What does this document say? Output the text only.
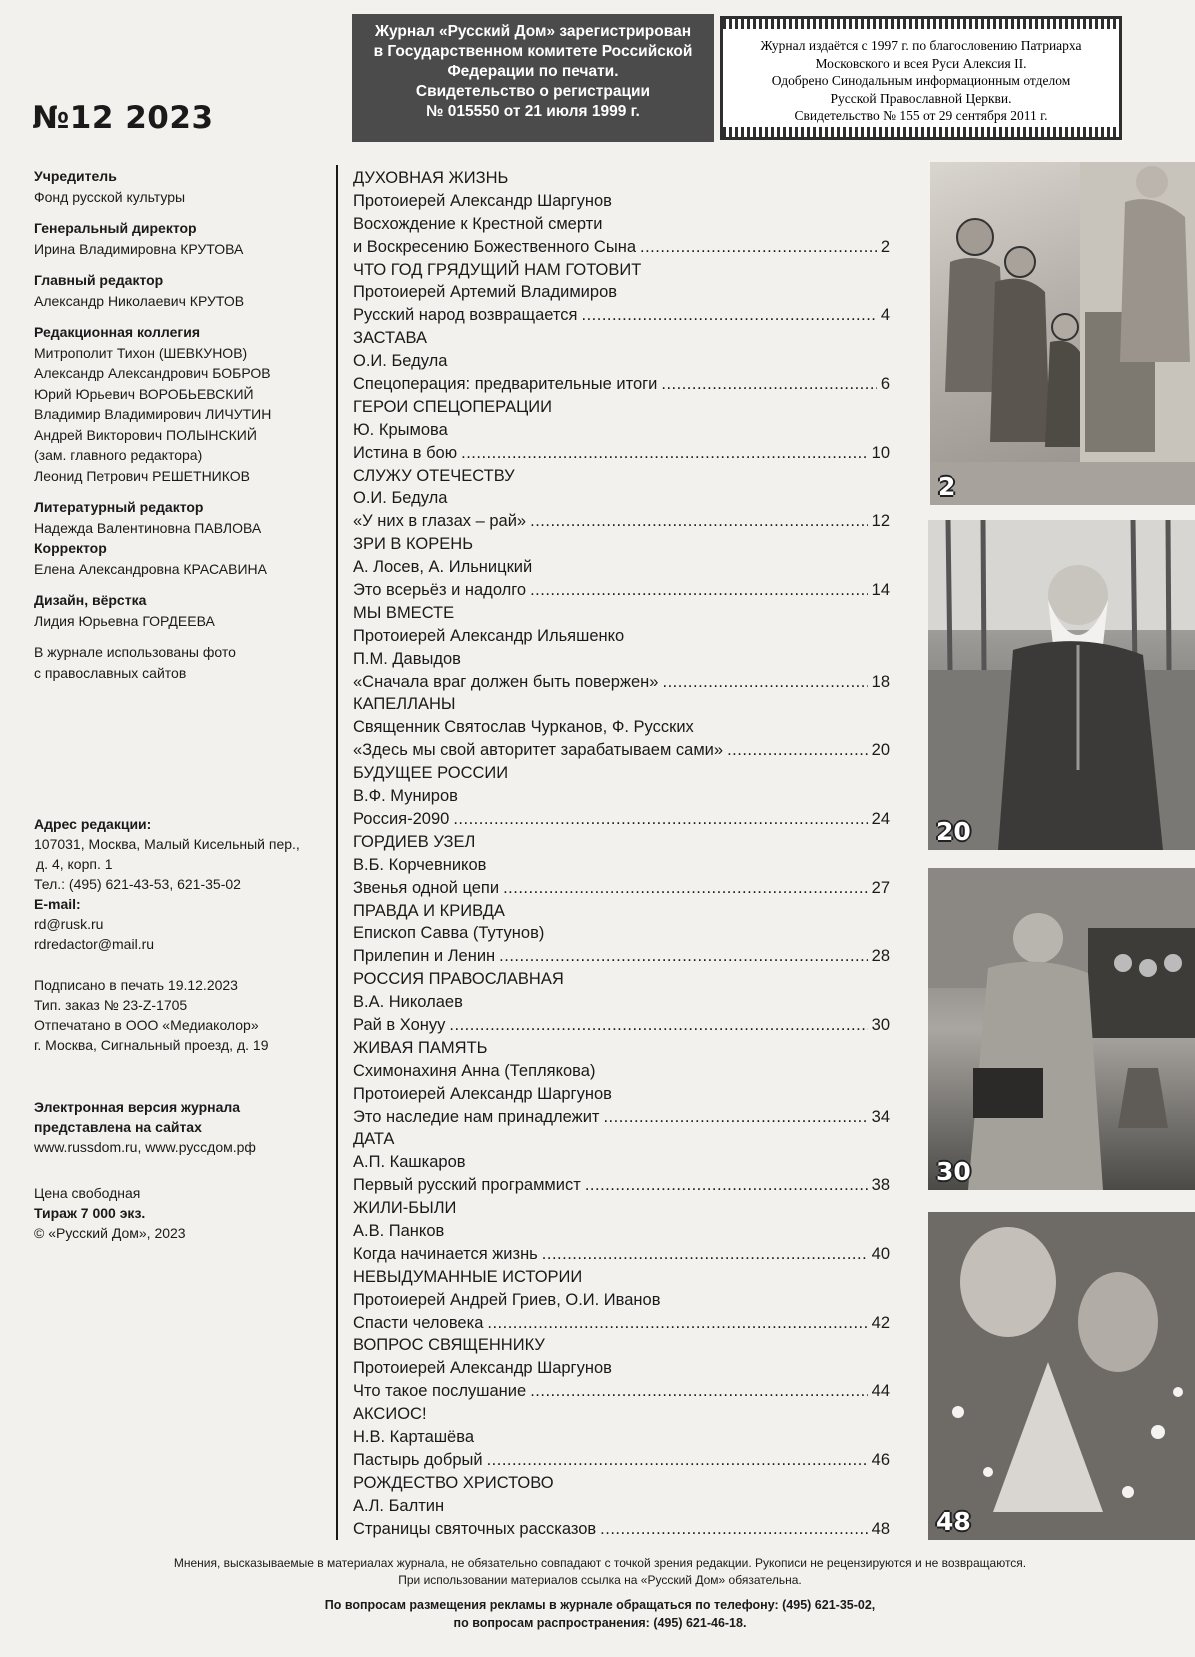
Журнал «Русский Дом» зарегистрирован
в Государственном комитете Российской
Федерации по печати.
Свидетельство о регистрации
№ 015550 от 21 июля 1999 г.
Журнал издаётся с 1997 г. по благословению Патриарха
Московского и всея Руси Алексия II.
Одобрено Синодальным информационным отделом
Русской Православной Церкви.
Свидетельство № 155 от 29 сентября 2011 г.
№12 2023
Учредитель
Фонд русской культуры
Генеральный директор
Ирина Владимировна КРУТОВА
Главный редактор
Александр Николаевич КРУТОВ
Редакционная коллегия
Митрополит Тихон (ШЕВКУНОВ)
Александр Александрович БОБРОВ
Юрий Юрьевич ВОРОБЬЕВСКИЙ
Владимир Владимирович ЛИЧУТИН
Андрей Викторович ПОЛЫНСКИЙ
(зам. главного редактора)
Леонид Петрович РЕШЕТНИКОВ
Литературный редактор
Надежда Валентиновна ПАВЛОВА
Корректор
Елена Александровна КРАСАВИНА
Дизайн, вёрстка
Лидия Юрьевна ГОРДЕЕВА
В журнале использованы фото
с православных сайтов
Адрес редакции:
107031, Москва, Малый Кисельный пер.,
д. 4, корп. 1
Тел.: (495) 621-43-53, 621-35-02
E-mail:
rd@rusk.ru
rdredactor@mail.ru
Подписано в печать 19.12.2023
Тип. заказ № 23-Z-1705
Отпечатано в ООО «Медиаколор»
г. Москва, Сигнальный проезд, д. 19
Электронная версия журнала
представлена на сайтах
www.russdom.ru, www.руссдом.рф
Цена свободная
Тираж 7 000 экз.
© «Русский Дом», 2023
ДУХОВНАЯ ЖИЗНЬ
Протоиерей Александр Шаргунов
Восхождение к Крестной смерти
и Воскресению Божественного Сына .....	2
ЧТО ГОД ГРЯДУЩИЙ НАМ ГОТОВИТ
Протоиерей Артемий Владимиров
Русский народ возвращается .....	4
ЗАСТАВА
О.И. Бедула
Спецоперация: предварительные итоги .....	6
ГЕРОИ СПЕЦОПЕРАЦИИ
Ю. Крымова
Истина в бою .....	10
СЛУЖУ ОТЕЧЕСТВУ
О.И. Бедула
«У них в глазах – рай» .....	12
ЗРИ В КОРЕНЬ
А. Лосев, А. Ильницкий
Это всерьёз и надолго .....	14
МЫ ВМЕСТЕ
Протоиерей Александр Ильяшенко
П.М. Давыдов
«Сначала враг должен быть повержен» .....	18
КАПЕЛЛАНЫ
Священник Святослав Чурканов, Ф. Русских
«Здесь мы свой авторитет зарабатываем сами» .....	20
БУДУЩЕЕ РОССИИ
В.Ф. Муниров
Россия-2090 .....	24
ГОРДИЕВ УЗЕЛ
В.Б. Корчевников
Звенья одной цепи .....	27
ПРАВДА И КРИВДА
Епископ Савва (Тутунов)
Прилепин и Ленин .....	28
РОССИЯ ПРАВОСЛАВНАЯ
В.А. Николаев
Рай в Хонуу .....	30
ЖИВАЯ ПАМЯТЬ
Схимонахиня Анна (Теплякова)
Протоиерей Александр Шаргунов
Это наследие нам принадлежит .....	34
ДАТА
А.П. Кашкаров
Первый русский программист .....	38
ЖИЛИ-БЫЛИ
А.В. Панков
Когда начинается жизнь .....	40
НЕВЫДУМАННЫЕ ИСТОРИИ
Протоиерей Андрей Гриев, О.И. Иванов
Спасти человека .....	42
ВОПРОС СВЯЩЕННИКУ
Протоиерей Александр Шаргунов
Что такое послушание .....	44
АКСИОС!
Н.В. Карташёва
Пастырь добрый .....	46
РОЖДЕСТВО ХРИСТОВО
А.Л. Балтин
Страницы святочных рассказов .....	48
2
20
30
48
Мнения, высказываемые в материалах журнала, не обязательно совпадают с точкой зрения редакции. Рукописи не рецензируются и не возвращаются.
При использовании материалов ссылка на «Русский Дом» обязательна.
По вопросам размещения рекламы в журнале обращаться по телефону: (495) 621-35-02,
по вопросам распространения: (495) 621-46-18.
